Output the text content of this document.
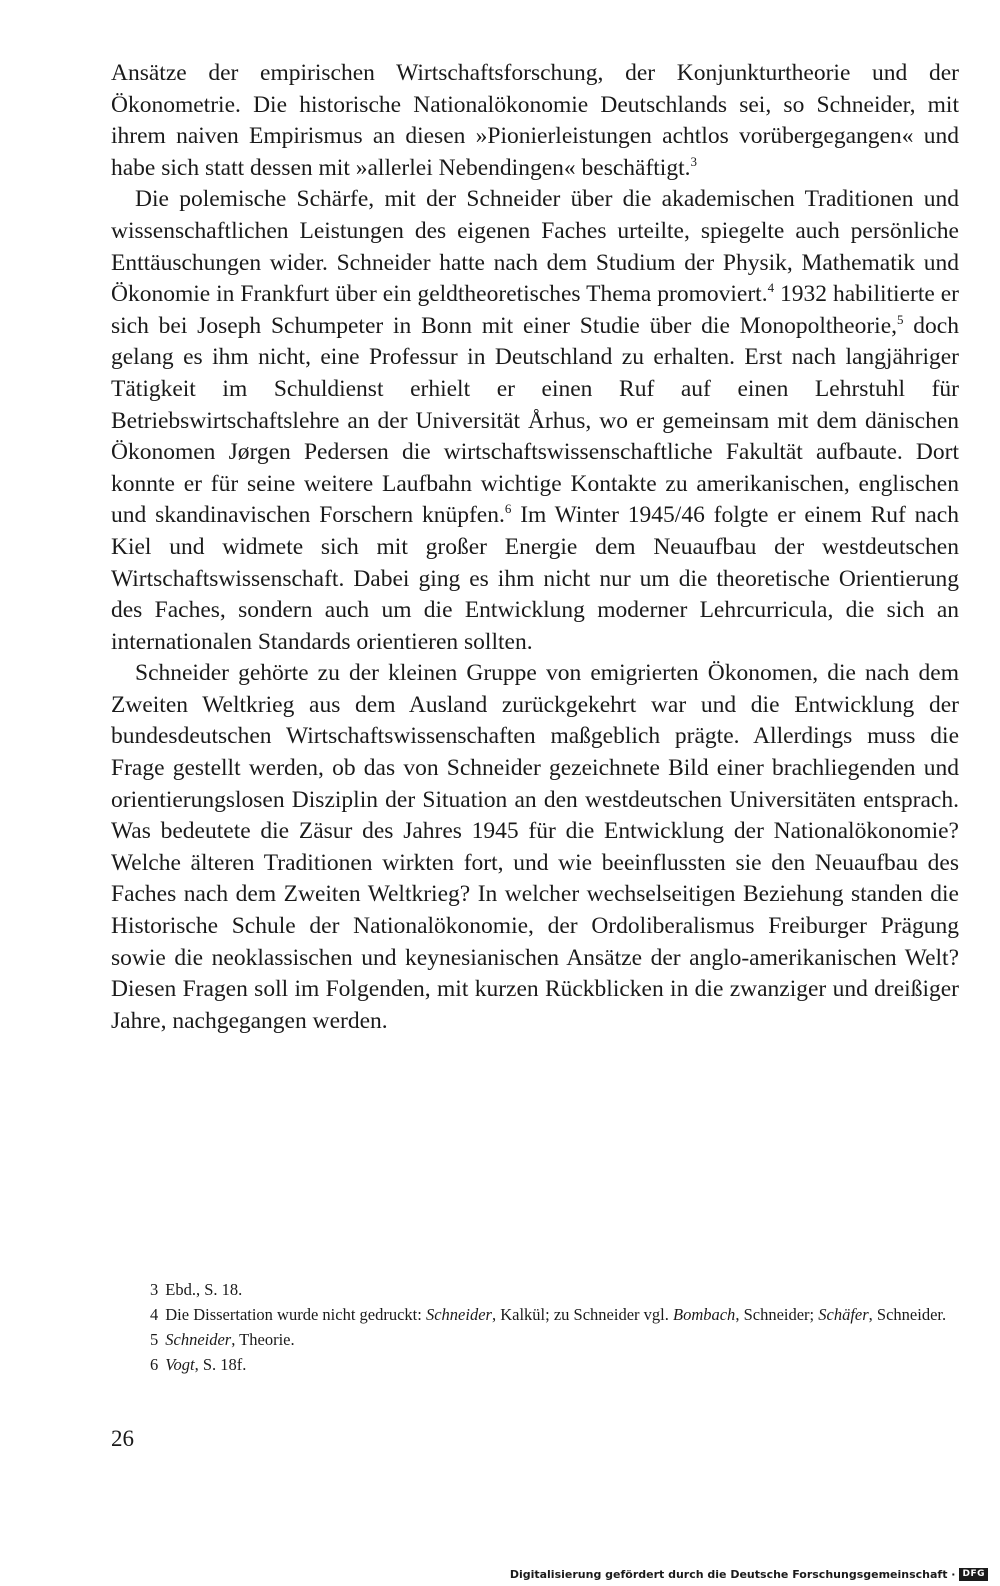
Ansätze der empirischen Wirtschaftsforschung, der Konjunkturtheorie und der Ökonometrie. Die historische Nationalökonomie Deutschlands sei, so Schneider, mit ihrem naiven Empirismus an diesen »Pionierleistungen achtlos vorübergegangen« und habe sich statt dessen mit »allerlei Nebendingen« beschäftigt.$^3$

Die polemische Schärfe, mit der Schneider über die akademischen Traditionen und wissenschaftlichen Leistungen des eigenen Faches urteilte, spiegelte auch persönliche Enttäuschungen wider. Schneider hatte nach dem Studium der Physik, Mathematik und Ökonomie in Frankfurt über ein geldtheoretisches Thema promoviert.$^4$ 1932 habilitierte er sich bei Joseph Schumpeter in Bonn mit einer Studie über die Monopoltheorie,$^5$ doch gelang es ihm nicht, eine Professur in Deutschland zu erhalten. Erst nach langjähriger Tätigkeit im Schuldienst erhielt er einen Ruf auf einen Lehrstuhl für Betriebswirtschaftslehre an der Universität Århus, wo er gemeinsam mit dem dänischen Ökonomen Jørgen Pedersen die wirtschaftswissenschaftliche Fakultät aufbaute. Dort konnte er für seine weitere Laufbahn wichtige Kontakte zu amerikanischen, englischen und skandinavischen Forschern knüpfen.$^6$ Im Winter 1945/46 folgte er einem Ruf nach Kiel und widmete sich mit großer Energie dem Neuaufbau der westdeutschen Wirtschaftswissenschaft. Dabei ging es ihm nicht nur um die theoretische Orientierung des Faches, sondern auch um die Entwicklung moderner Lehrcurricula, die sich an internationalen Standards orientieren sollten.

Schneider gehörte zu der kleinen Gruppe von emigrierten Ökonomen, die nach dem Zweiten Weltkrieg aus dem Ausland zurückgekehrt war und die Entwicklung der bundesdeutschen Wirtschaftswissenschaften maßgeblich prägte. Allerdings muss die Frage gestellt werden, ob das von Schneider gezeichnete Bild einer brachliegenden und orientierungslosen Disziplin der Situation an den westdeutschen Universitäten entsprach. Was bedeutete die Zäsur des Jahres 1945 für die Entwicklung der Nationalökonomie? Welche älteren Traditionen wirkten fort, und wie beeinflussten sie den Neuaufbau des Faches nach dem Zweiten Weltkrieg? In welcher wechselseitigen Beziehung standen die Historische Schule der Nationalökonomie, der Ordoliberalismus Freiburger Prägung sowie die neoklassischen und keynesianischen Ansätze der anglo-amerikanischen Welt? Diesen Fragen soll im Folgenden, mit kurzen Rückblicken in die zwanziger und dreißiger Jahre, nachgegangen werden.

3 Ebd., S. 18.

4 Die Dissertation wurde nicht gedruckt: Schneider, Kalkül; zu Schneider vgl. Bombach, Schneider; Schäfer, Schneider.

5 Schneider, Theorie.

6 Vogt, S. 18f.

26
Digitalisierung gefördert durch die Deutsche Forschungsgemeinschaft · DFG
